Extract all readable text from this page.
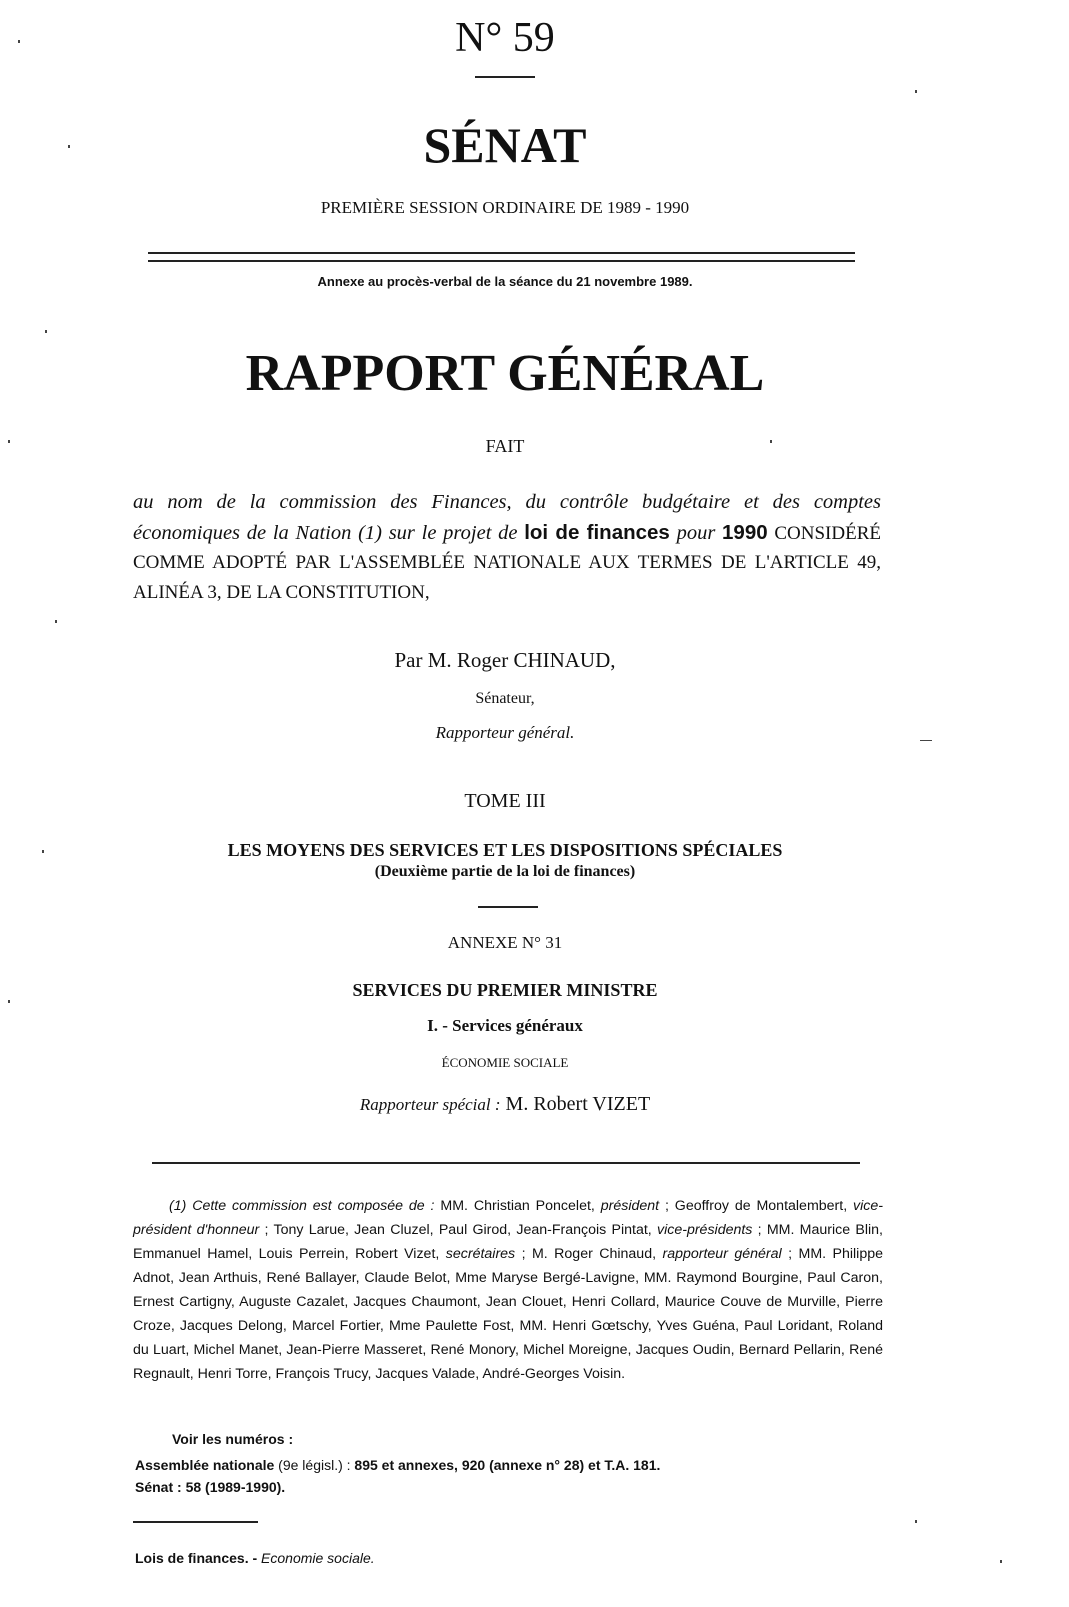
N° 59
SÉNAT
PREMIÈRE SESSION ORDINAIRE DE 1989 - 1990
Annexe au procès-verbal de la séance du 21 novembre 1989.
RAPPORT GÉNÉRAL
FAIT
au nom de la commission des Finances, du contrôle budgétaire et des comptes économiques de la Nation (1) sur le projet de loi de finances pour 1990 CONSIDÉRÉ COMME ADOPTÉ PAR L'ASSEMBLÉE NATIONALE AUX TERMES DE L'ARTICLE 49, ALINÉA 3, DE LA CONSTITUTION,
Par M. Roger CHINAUD,
Sénateur,
Rapporteur général.
TOME III
LES MOYENS DES SERVICES ET LES DISPOSITIONS SPÉCIALES
(Deuxième partie de la loi de finances)
ANNEXE N° 31
SERVICES DU PREMIER MINISTRE
I. - Services généraux
ÉCONOMIE SOCIALE
Rapporteur spécial : M. Robert VIZET
(1) Cette commission est composée de : MM. Christian Poncelet, président ; Geoffroy de Montalembert, vice-président d'honneur ; Tony Larue, Jean Cluzel, Paul Girod, Jean-François Pintat, vice-présidents ; MM. Maurice Blin, Emmanuel Hamel, Louis Perrein, Robert Vizet, secrétaires ; M. Roger Chinaud, rapporteur général ; MM. Philippe Adnot, Jean Arthuis, René Ballayer, Claude Belot, Mme Maryse Bergé-Lavigne, MM. Raymond Bourgine, Paul Caron, Ernest Cartigny, Auguste Cazalet, Jacques Chaumont, Jean Clouet, Henri Collard, Maurice Couve de Murville, Pierre Croze, Jacques Delong, Marcel Fortier, Mme Paulette Fost, MM. Henri Gœtschy, Yves Guéna, Paul Loridant, Roland du Luart, Michel Manet, Jean-Pierre Masseret, René Monory, Michel Moreigne, Jacques Oudin, Bernard Pellarin, René Regnault, Henri Torre, François Trucy, Jacques Valade, André-Georges Voisin.
Voir les numéros :
Assemblée nationale (9e législ.) : 895 et annexes, 920 (annexe n° 28) et T.A. 181.
Sénat : 58 (1989-1990).
Lois de finances. - Economie sociale.
